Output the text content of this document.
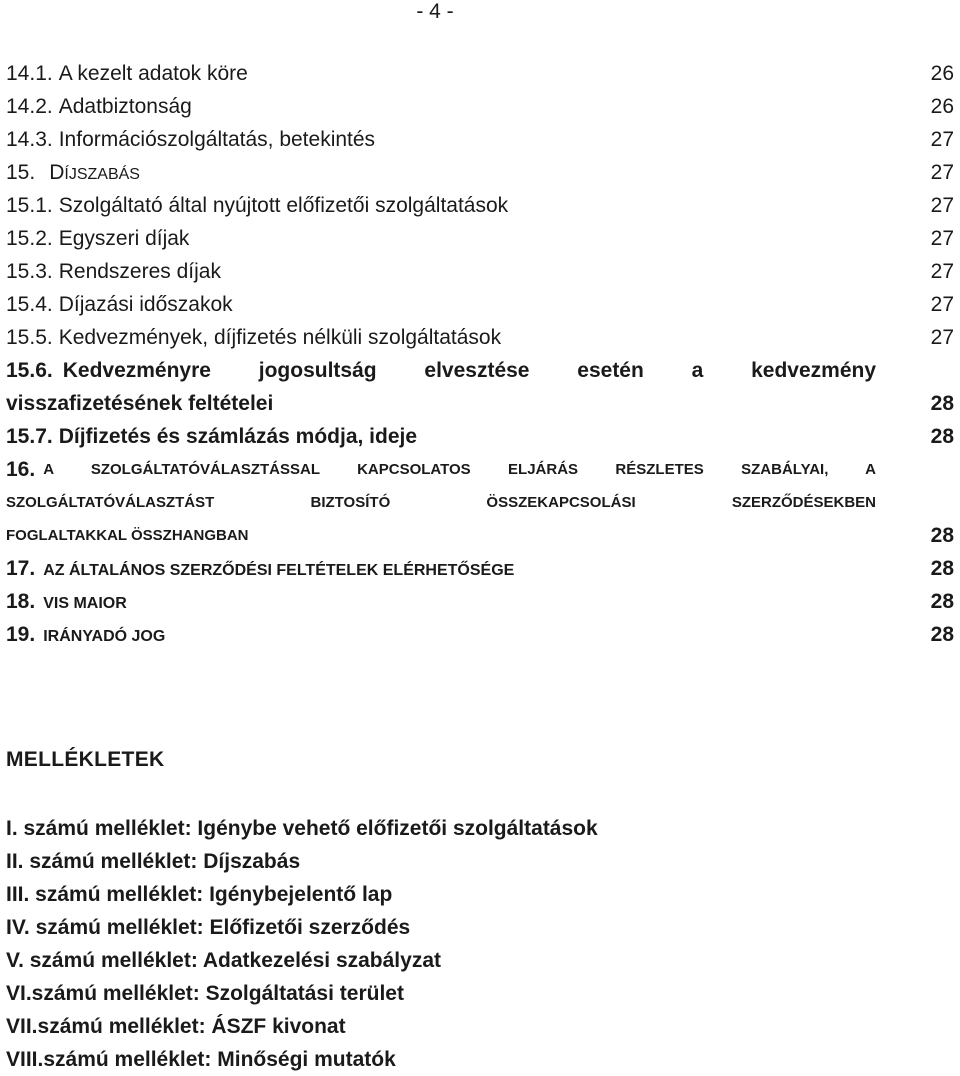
- 4 -
14.1. A kezelt adatok köre	26
14.2. Adatbiztonság	26
14.3. Információszolgáltatás, betekintés	27
15. DÍJSZABÁS	27
15.1. Szolgáltató által nyújtott előfizetői szolgáltatások	27
15.2. Egyszeri díjak	27
15.3. Rendszeres díjak	27
15.4. Díjazási időszakok	27
15.5. Kedvezmények, díjfizetés nélküli szolgáltatások	27
15.6. Kedvezményre jogosultság elvesztése esetén a kedvezmény
visszafizetésének feltételei	28
15.7. Díjfizetés és számlázás módja, ideje	28
16. A SZOLGÁLTATÓVÁLASZTÁSSAL KAPCSOLATOS ELJÁRÁS RÉSZLETES SZABÁLYAI, A
SZOLGÁLTATÓVÁLASZTÁST BIZTOSÍTÓ ÖSSZEKAPCSOLÁSI SZERZŐDÉSEKBEN
FOGLALTAKKAL ÖSSZHANGBAN	28
17. AZ ÁLTALÁNOS SZERZŐDÉSI FELTÉTELEK ELÉRHETŐSÉGE	28
18. VIS MAIOR	28
19. IRÁNYADÓ JOG	28
MELLÉKLETEK
I. számú melléklet: Igénybe vehető előfizetői szolgáltatások
II. számú melléklet: Díjszabás
III. számú melléklet: Igénybejelentő lap
IV. számú melléklet: Előfizetői szerződés
V. számú melléklet: Adatkezelési szabályzat
VI.számú melléklet: Szolgáltatási terület
VII.számú melléklet: ÁSZF kivonat
VIII.számú melléklet: Minőségi mutatók
